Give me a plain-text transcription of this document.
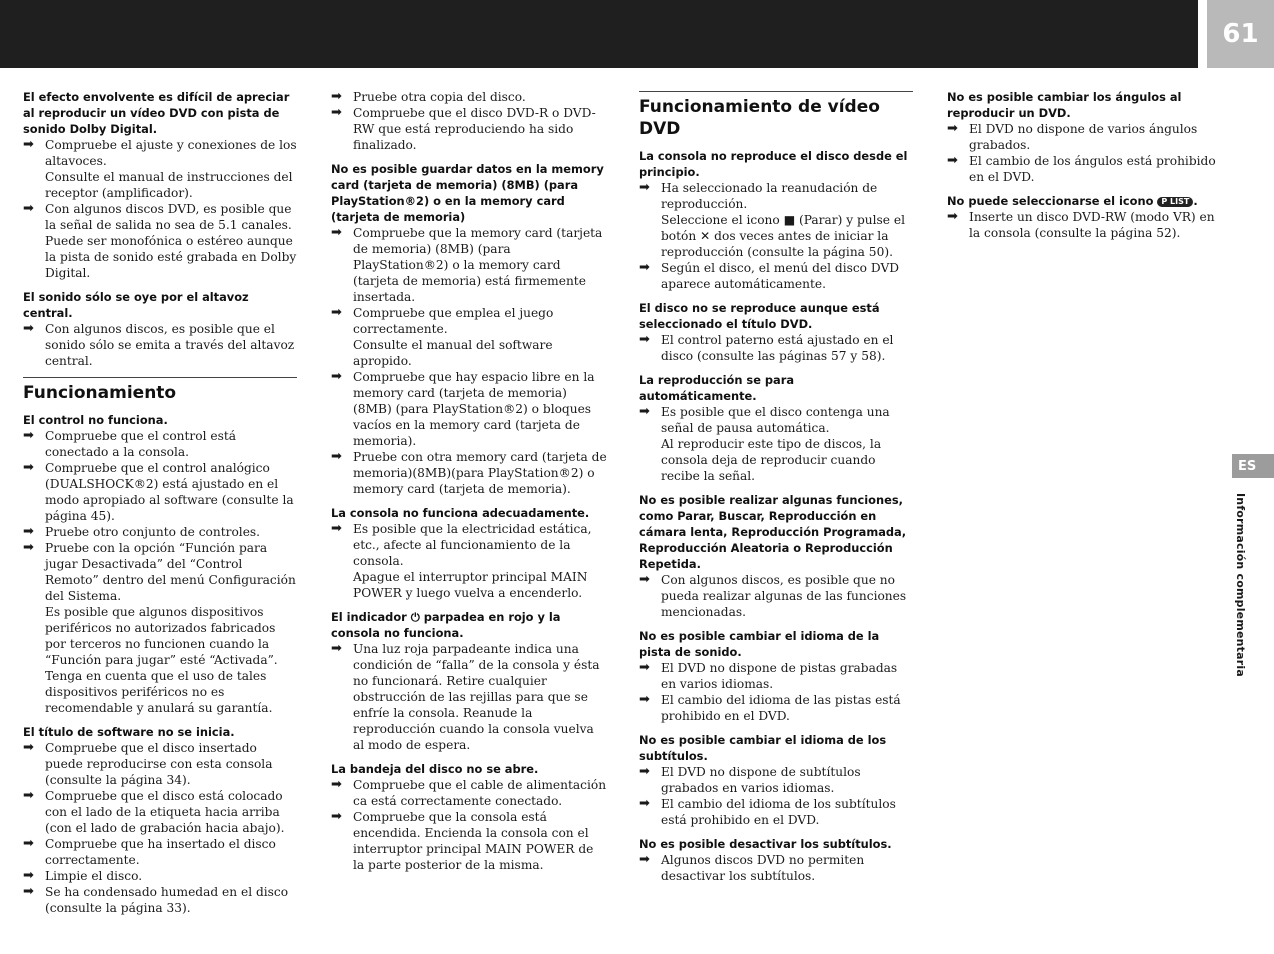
61
ES
Información complementaria
El efecto envolvente es difícil de apreciar al reproducir un vídeo DVD con pista de sonido Dolby Digital.
➡ Compruebe el ajuste y conexiones de los altavoces.
Consulte el manual de instrucciones del receptor (amplificador).
➡ Con algunos discos DVD, es posible que la señal de salida no sea de 5.1 canales. Puede ser monofónica o estéreo aunque la pista de sonido esté grabada en Dolby Digital.
El sonido sólo se oye por el altavoz central.
➡ Con algunos discos, es posible que el sonido sólo se emita a través del altavoz central.
Funcionamiento
El control no funciona.
➡ Compruebe que el control está conectado a la consola.
➡ Compruebe que el control analógico (DUALSHOCK®2) está ajustado en el modo apropiado al software (consulte la página 45).
➡ Pruebe otro conjunto de controles.
➡ Pruebe con la opción “Función para jugar Desactivada” del “Control Remoto” dentro del menú Configuración del Sistema.
Es posible que algunos dispositivos periféricos no autorizados fabricados por terceros no funcionen cuando la “Función para jugar” esté “Activada”. Tenga en cuenta que el uso de tales dispositivos periféricos no es recomendable y anulará su garantía.
El título de software no se inicia.
➡ Compruebe que el disco insertado puede reproducirse con esta consola (consulte la página 34).
➡ Compruebe que el disco está colocado con el lado de la etiqueta hacia arriba (con el lado de grabación hacia abajo).
➡ Compruebe que ha insertado el disco correctamente.
➡ Limpie el disco.
➡ Se ha condensado humedad en el disco (consulte la página 33).
➡ Pruebe otra copia del disco.
➡ Compruebe que el disco DVD-R o DVD-RW que está reproduciendo ha sido finalizado.
No es posible guardar datos en la memory card (tarjeta de memoria) (8MB) (para PlayStation®2) o en la memory card (tarjeta de memoria)
➡ Compruebe que la memory card (tarjeta de memoria) (8MB) (para PlayStation®2) o la memory card (tarjeta de memoria) está firmemente insertada.
➡ Compruebe que emplea el juego correctamente.
Consulte el manual del software apropido.
➡ Compruebe que hay espacio libre en la memory card (tarjeta de memoria) (8MB) (para PlayStation®2) o bloques vacíos en la memory card (tarjeta de memoria).
➡ Pruebe con otra memory card (tarjeta de memoria)(8MB)(para PlayStation®2) o memory card (tarjeta de memoria).
La consola no funciona adecuadamente.
➡ Es posible que la electricidad estática, etc., afecte al funcionamiento de la consola.
Apague el interruptor principal MAIN POWER y luego vuelva a encenderlo.
El indicador ⏻ parpadea en rojo y la consola no funciona.
➡ Una luz roja parpadeante indica una condición de “falla” de la consola y ésta no funcionará. Retire cualquier obstrucción de las rejillas para que se enfríe la consola. Reanude la reproducción cuando la consola vuelva al modo de espera.
La bandeja del disco no se abre.
➡ Compruebe que el cable de alimentación ca está correctamente conectado.
➡ Compruebe que la consola está encendida. Encienda la consola con el interruptor principal MAIN POWER de la parte posterior de la misma.
Funcionamiento de vídeo DVD
La consola no reproduce el disco desde el principio.
➡ Ha seleccionado la reanudación de reproducción.
Seleccione el icono ■ (Parar) y pulse el botón ✕ dos veces antes de iniciar la reproducción (consulte la página 50).
➡ Según el disco, el menú del disco DVD aparece automáticamente.
El disco no se reproduce aunque está seleccionado el título DVD.
➡ El control paterno está ajustado en el disco (consulte las páginas 57 y 58).
La reproducción se para automáticamente.
➡ Es posible que el disco contenga una señal de pausa automática.
Al reproducir este tipo de discos, la consola deja de reproducir cuando recibe la señal.
No es posible realizar algunas funciones, como Parar, Buscar, Reproducción en cámara lenta, Reproducción Programada, Reproducción Aleatoria o Reproducción Repetida.
➡ Con algunos discos, es posible que no pueda realizar algunas de las funciones mencionadas.
No es posible cambiar el idioma de la pista de sonido.
➡ El DVD no dispone de pistas grabadas en varios idiomas.
➡ El cambio del idioma de las pistas está prohibido en el DVD.
No es posible cambiar el idioma de los subtítulos.
➡ El DVD no dispone de subtítulos grabados en varios idiomas.
➡ El cambio del idioma de los subtítulos está prohibido en el DVD.
No es posible desactivar los subtítulos.
➡ Algunos discos DVD no permiten desactivar los subtítulos.
No es posible cambiar los ángulos al reproducir un DVD.
➡ El DVD no dispone de varios ángulos grabados.
➡ El cambio de los ángulos está prohibido en el DVD.
No puede seleccionarse el icono P LIST .
➡ Inserte un disco DVD-RW (modo VR) en la consola (consulte la página 52).
